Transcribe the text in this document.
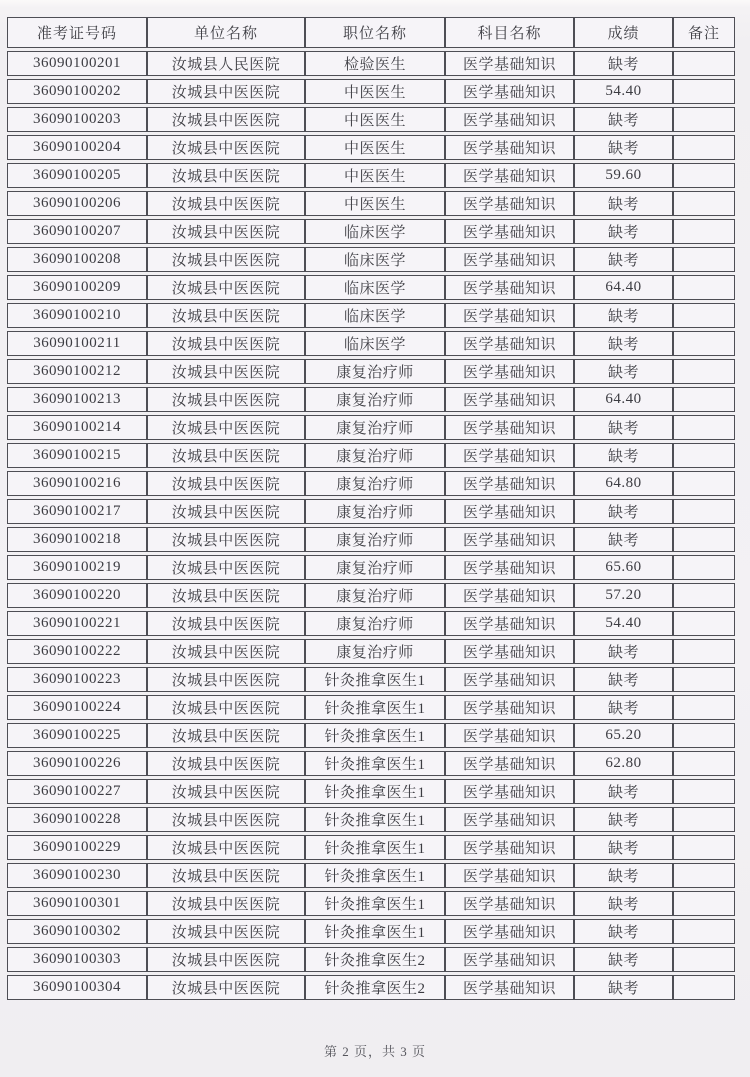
准考证号码	单位名称	职位名称	科目名称	成绩	备注
36090100201	汝城县人民医院	检验医生	医学基础知识	缺考	
36090100202	汝城县中医医院	中医医生	医学基础知识	54.40	
36090100203	汝城县中医医院	中医医生	医学基础知识	缺考	
36090100204	汝城县中医医院	中医医生	医学基础知识	缺考	
36090100205	汝城县中医医院	中医医生	医学基础知识	59.60	
36090100206	汝城县中医医院	中医医生	医学基础知识	缺考	
36090100207	汝城县中医医院	临床医学	医学基础知识	缺考	
36090100208	汝城县中医医院	临床医学	医学基础知识	缺考	
36090100209	汝城县中医医院	临床医学	医学基础知识	64.40	
36090100210	汝城县中医医院	临床医学	医学基础知识	缺考	
36090100211	汝城县中医医院	临床医学	医学基础知识	缺考	
36090100212	汝城县中医医院	康复治疗师	医学基础知识	缺考	
36090100213	汝城县中医医院	康复治疗师	医学基础知识	64.40	
36090100214	汝城县中医医院	康复治疗师	医学基础知识	缺考	
36090100215	汝城县中医医院	康复治疗师	医学基础知识	缺考	
36090100216	汝城县中医医院	康复治疗师	医学基础知识	64.80	
36090100217	汝城县中医医院	康复治疗师	医学基础知识	缺考	
36090100218	汝城县中医医院	康复治疗师	医学基础知识	缺考	
36090100219	汝城县中医医院	康复治疗师	医学基础知识	65.60	
36090100220	汝城县中医医院	康复治疗师	医学基础知识	57.20	
36090100221	汝城县中医医院	康复治疗师	医学基础知识	54.40	
36090100222	汝城县中医医院	康复治疗师	医学基础知识	缺考	
36090100223	汝城县中医医院	针灸推拿医生1	医学基础知识	缺考	
36090100224	汝城县中医医院	针灸推拿医生1	医学基础知识	缺考	
36090100225	汝城县中医医院	针灸推拿医生1	医学基础知识	65.20	
36090100226	汝城县中医医院	针灸推拿医生1	医学基础知识	62.80	
36090100227	汝城县中医医院	针灸推拿医生1	医学基础知识	缺考	
36090100228	汝城县中医医院	针灸推拿医生1	医学基础知识	缺考	
36090100229	汝城县中医医院	针灸推拿医生1	医学基础知识	缺考	
36090100230	汝城县中医医院	针灸推拿医生1	医学基础知识	缺考	
36090100301	汝城县中医医院	针灸推拿医生1	医学基础知识	缺考	
36090100302	汝城县中医医院	针灸推拿医生1	医学基础知识	缺考	
36090100303	汝城县中医医院	针灸推拿医生2	医学基础知识	缺考	
36090100304	汝城县中医医院	针灸推拿医生2	医学基础知识	缺考	
第 2 页，共 3 页
